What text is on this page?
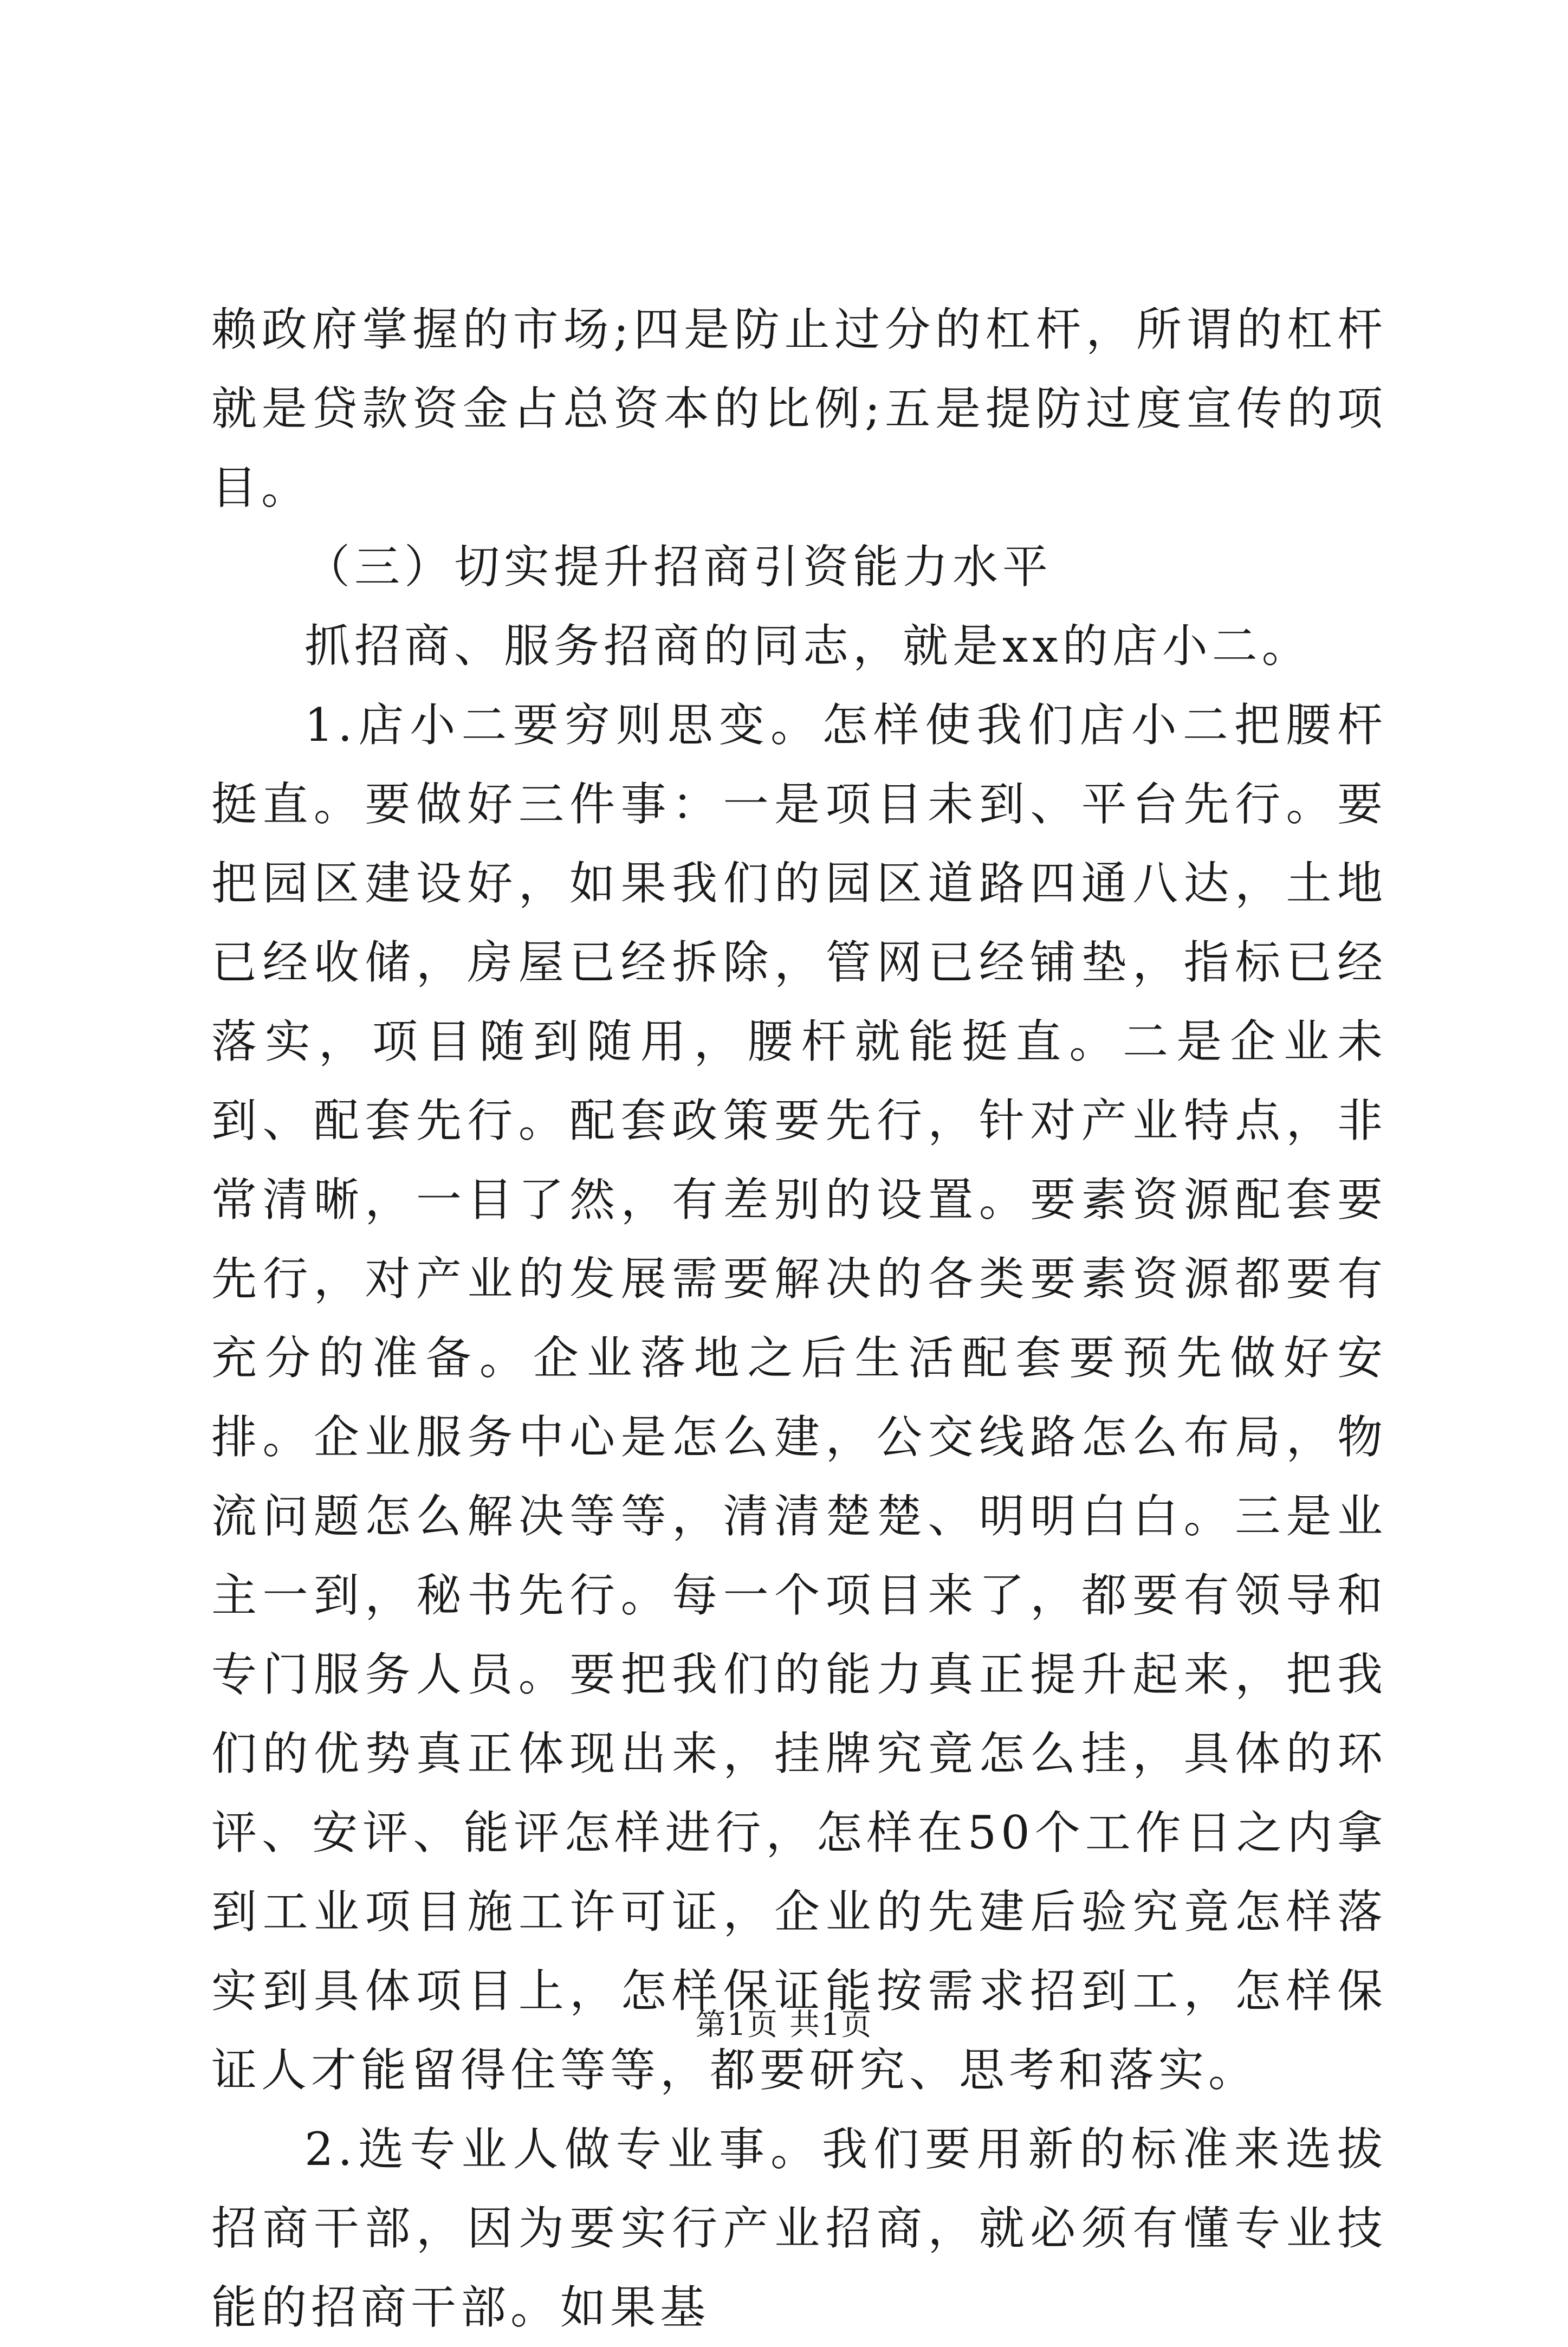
赖政府掌握的市场;四是防止过分的杠杆，所谓的杠杆就是贷款资金占总资本的比例;五是提防过度宣传的项目。

（三）切实提升招商引资能力水平

抓招商、服务招商的同志，就是xx的店小二。

1.店小二要穷则思变。怎样使我们店小二把腰杆挺直。要做好三件事：一是项目未到、平台先行。要把园区建设好，如果我们的园区道路四通八达，土地已经收储，房屋已经拆除，管网已经铺垫，指标已经落实，项目随到随用，腰杆就能挺直。二是企业未到、配套先行。配套政策要先行，针对产业特点，非常清晰，一目了然，有差别的设置。要素资源配套要先行，对产业的发展需要解决的各类要素资源都要有充分的准备。企业落地之后生活配套要预先做好安排。企业服务中心是怎么建，公交线路怎么布局，物流问题怎么解决等等，清清楚楚、明明白白。三是业主一到，秘书先行。每一个项目来了，都要有领导和专门服务人员。要把我们的能力真正提升起来，把我们的优势真正体现出来，挂牌究竟怎么挂，具体的环评、安评、能评怎样进行，怎样在50个工作日之内拿到工业项目施工许可证，企业的先建后验究竟怎样落实到具体项目上，怎样保证能按需求招到工，怎样保证人才能留得住等等，都要研究、思考和落实。

2.选专业人做专业事。我们要用新的标准来选拔招商干部，因为要实行产业招商，就必须有懂专业技能的招商干部。如果基

第1页 共1页
